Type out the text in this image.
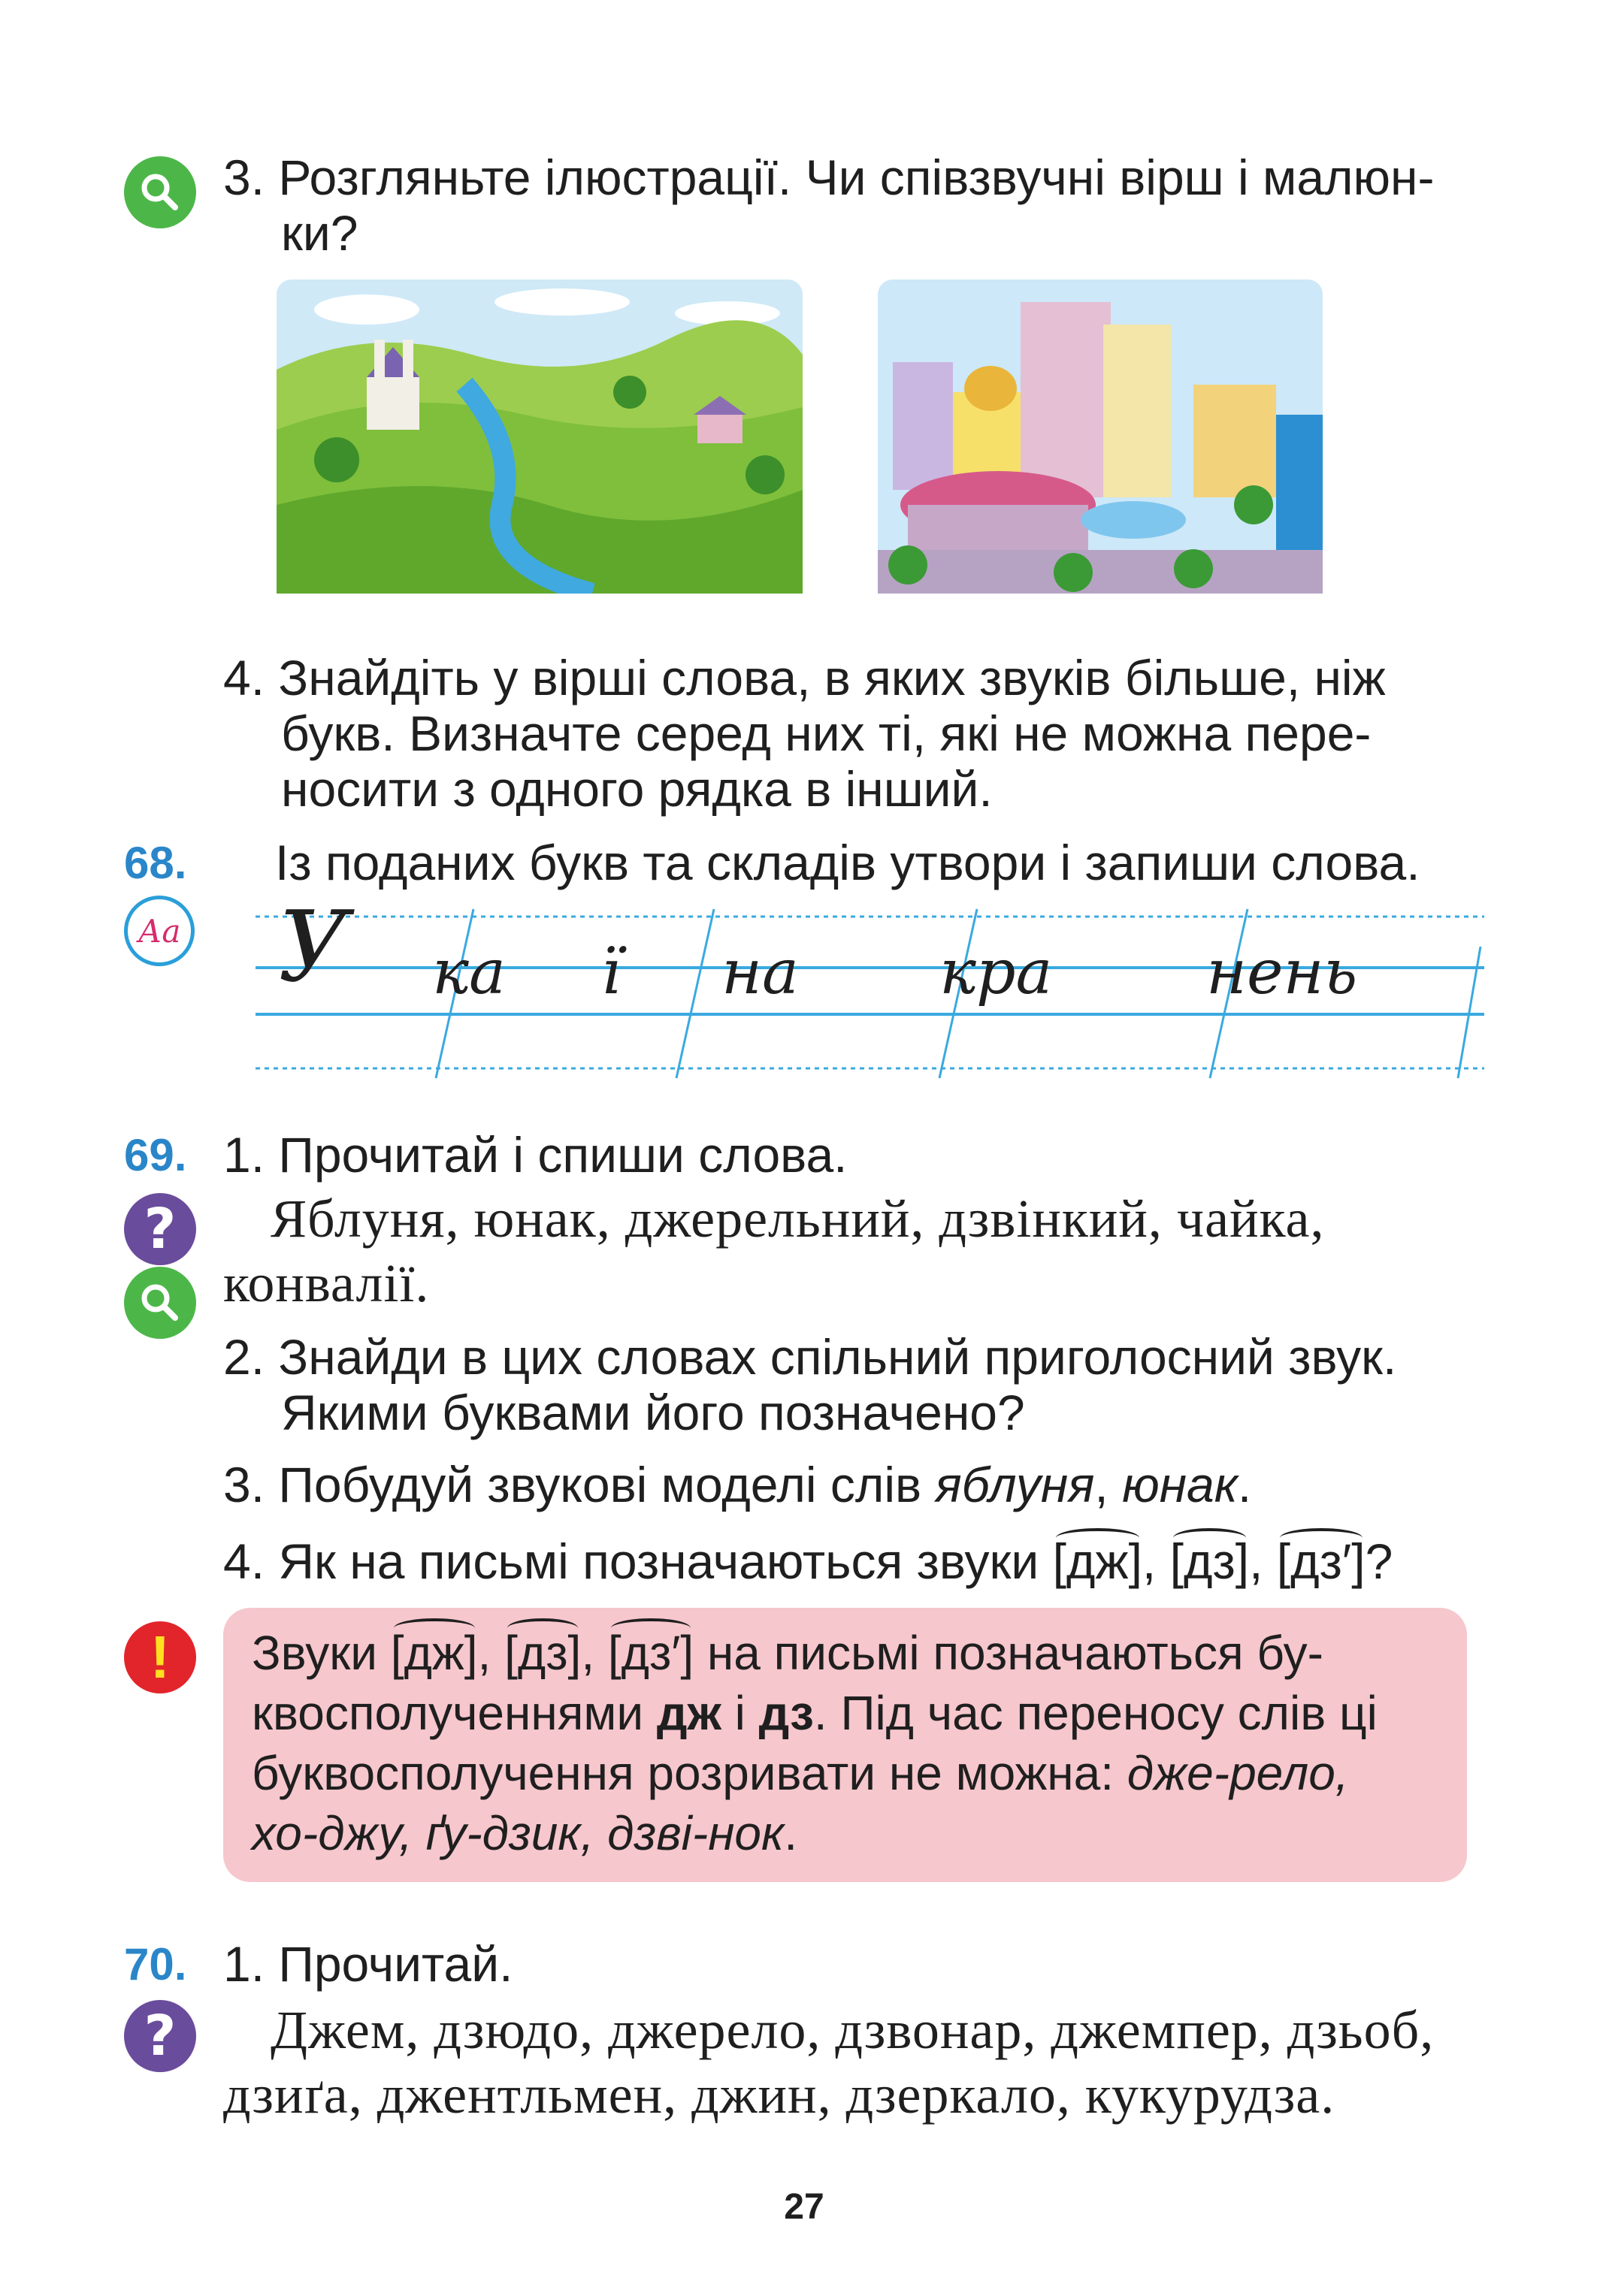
3. Розгляньте ілюстрації. Чи співзвучні вірш і малюн-
ки?
4. Знайдіть у вірші слова, в яких звуків більше, ніж
букв. Визначте серед них ті, які не можна пере-
носити з одного рядка в інший.
68. Із поданих букв та складів утвори і запиши слова.
Аа У ка ї на кра нень
69. 1. Прочитай і спиши слова.
? Яблуня, юнак, джерельний, дзвінкий, чайка,
конвалії.
2. Знайди в цих словах спільний приголосний звук.
Якими буквами його позначено?
3. Побудуй звукові моделі слів яблуня, юнак.
4. Як на письмі позначаються звуки [дж], [дз], [дз′]?
! Звуки [дж], [дз], [дз′] на письмі позначаються бу-
квосполученнями дж і дз. Під час переносу слів ці
буквосполучення розривати не можна: дже-рело,
хо-джу, ґу-дзик, дзві-нок.
70. 1. Прочитай.
? Джем, дзюдо, джерело, дзвонар, джемпер, дзьоб,
дзиґа, джентльмен, джин, дзеркало, кукурудза.
27
